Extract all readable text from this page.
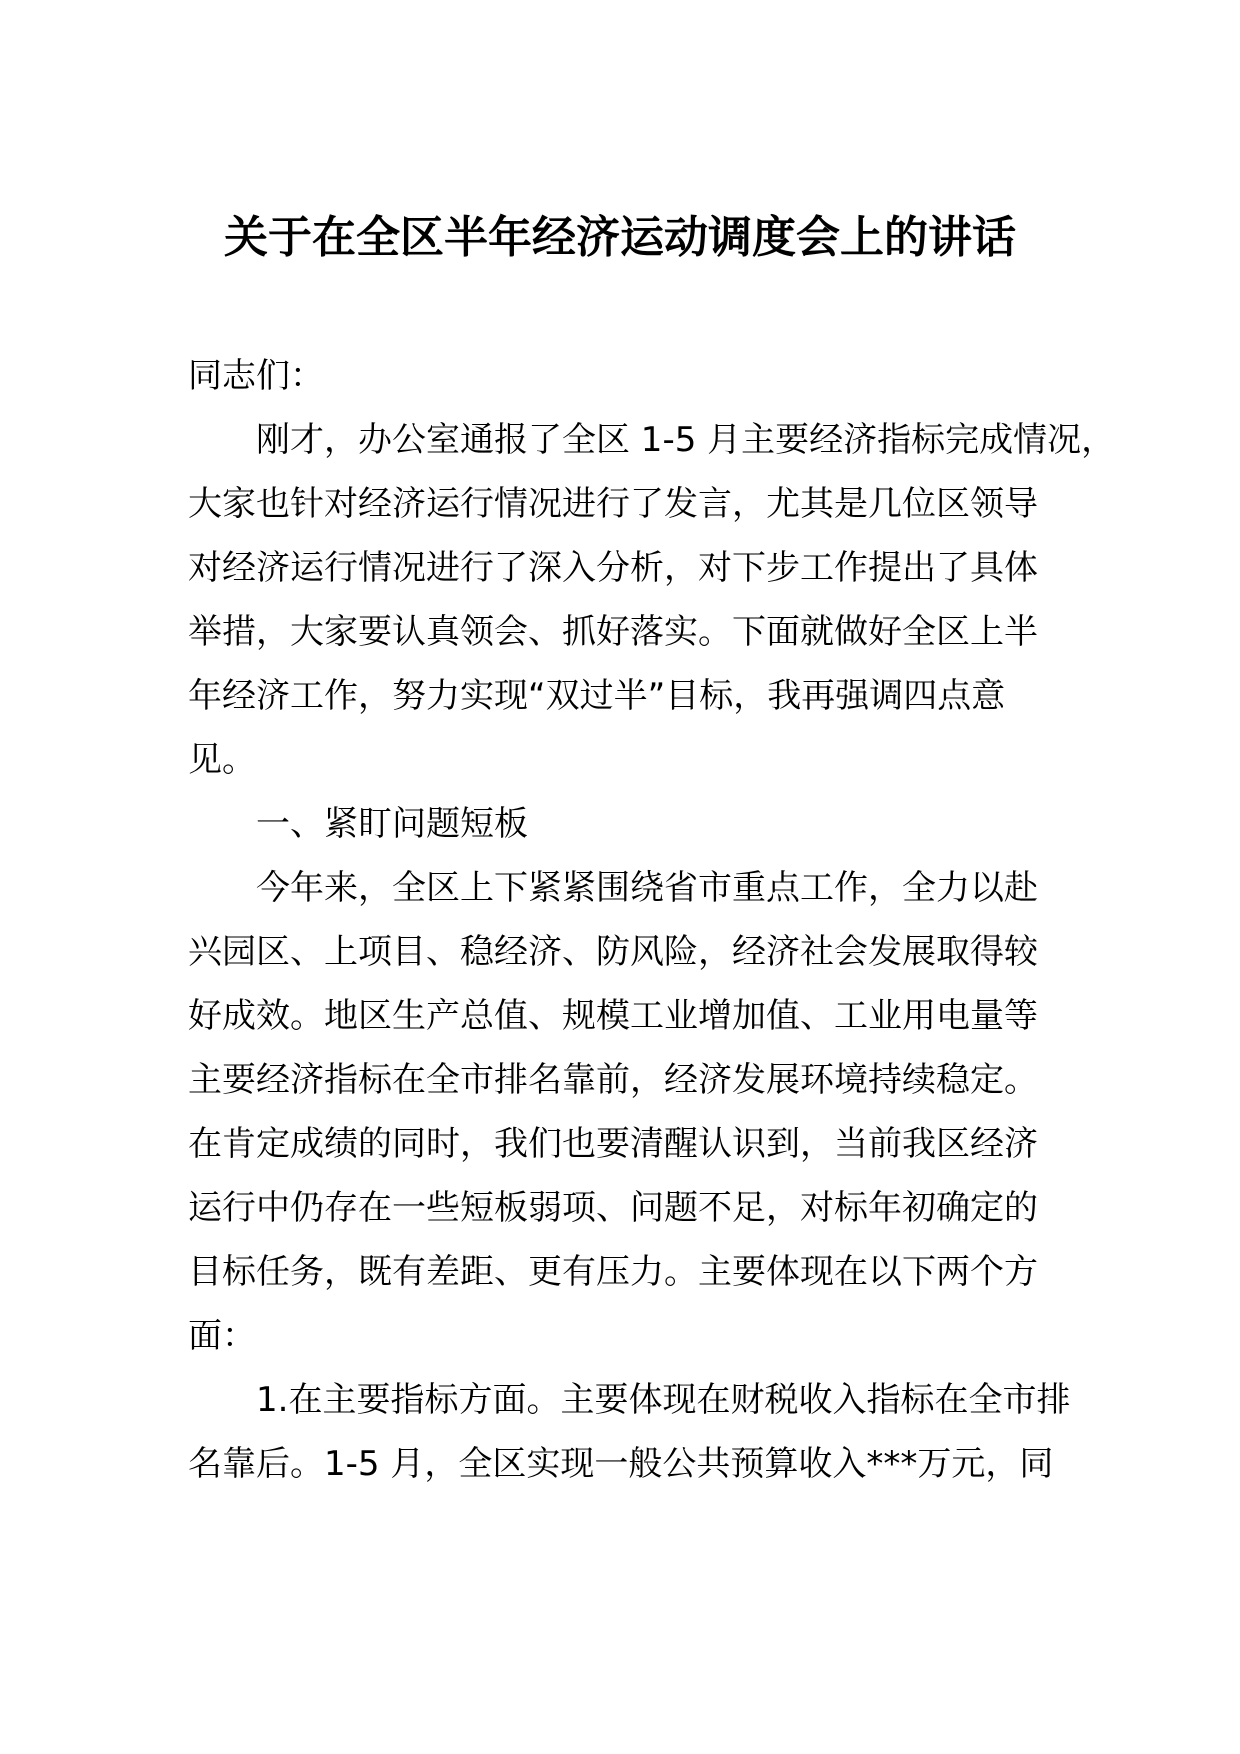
关于在全区半年经济运动调度会上的讲话
同志们：
刚才，办公室通报了全区 1-5 月主要经济指标完成情况，
大家也针对经济运行情况进行了发言，尤其是几位区领导
对经济运行情况进行了深入分析，对下步工作提出了具体
举措，大家要认真领会、抓好落实。下面就做好全区上半
年经济工作，努力实现“双过半”目标，我再强调四点意
见。
一、紧盯问题短板
今年来，全区上下紧紧围绕省市重点工作，全力以赴
兴园区、上项目、稳经济、防风险，经济社会发展取得较
好成效。地区生产总值、规模工业增加值、工业用电量等
主要经济指标在全市排名靠前，经济发展环境持续稳定。
在肯定成绩的同时，我们也要清醒认识到，当前我区经济
运行中仍存在一些短板弱项、问题不足，对标年初确定的
目标任务，既有差距、更有压力。主要体现在以下两个方
面：
1.在主要指标方面。主要体现在财税收入指标在全市排
名靠后。1-5 月，全区实现一般公共预算收入***万元，同
